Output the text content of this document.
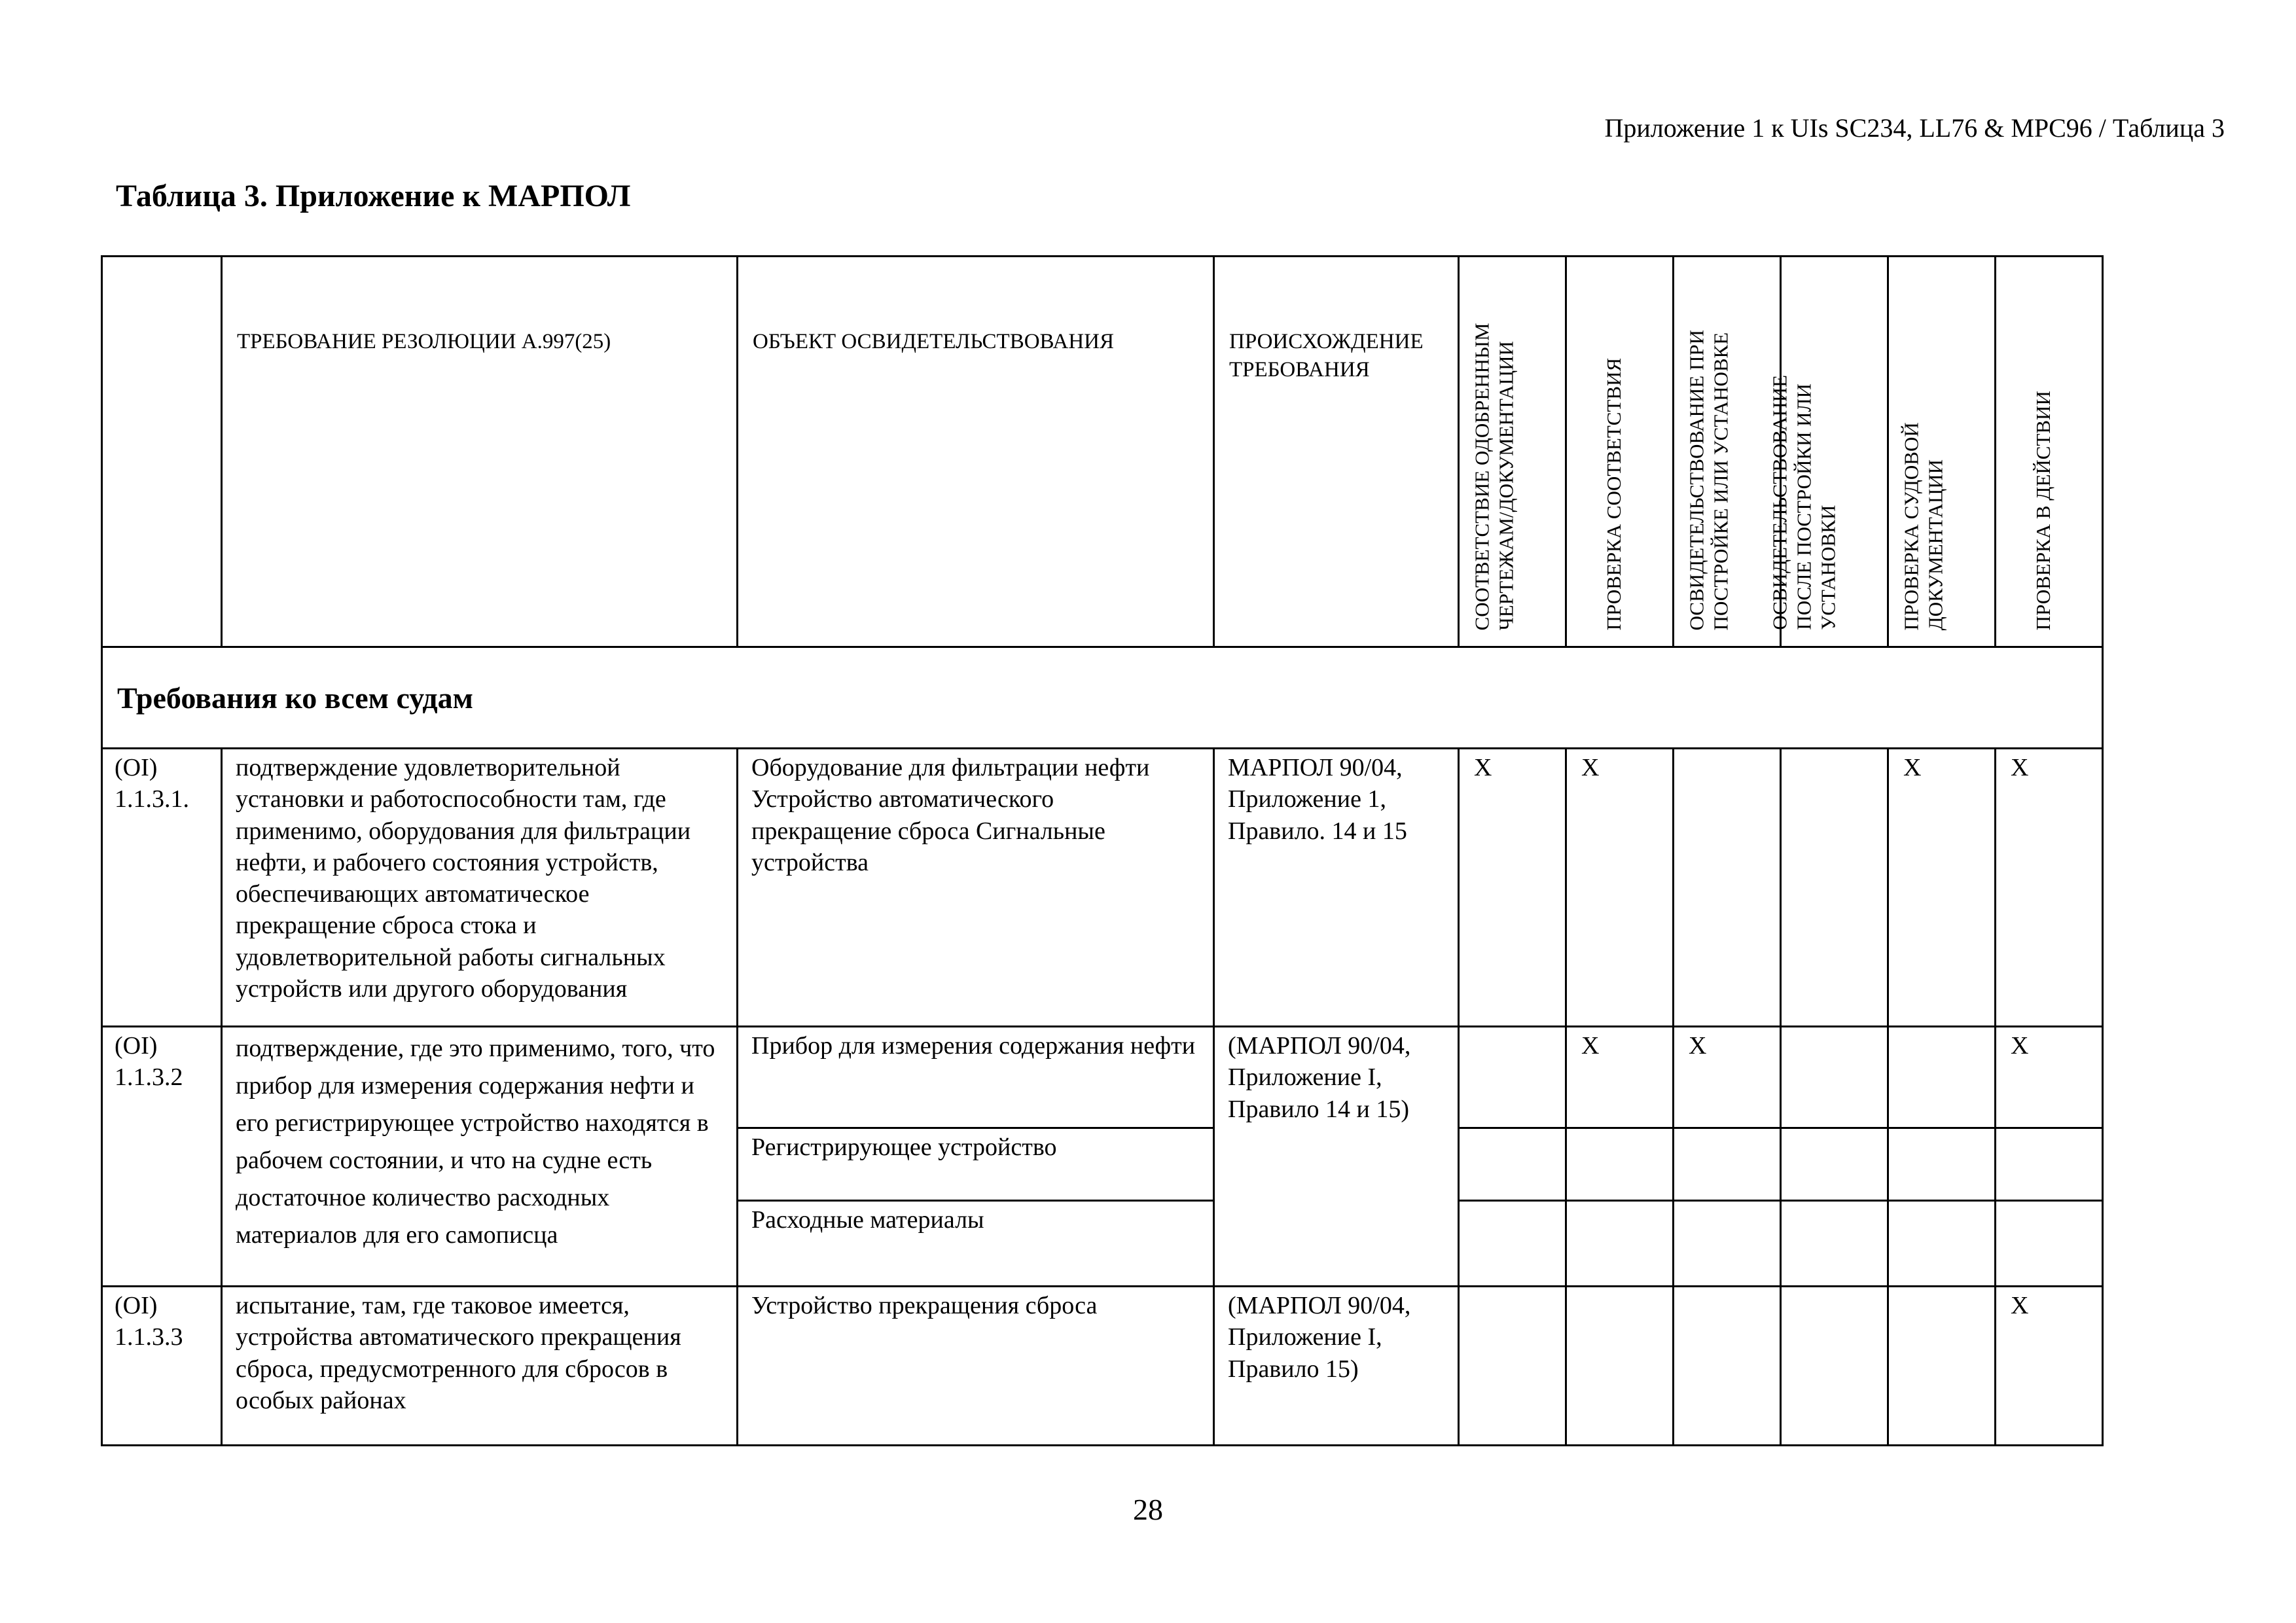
Приложение 1 к UIs SC234, LL76 & MPC96 / Таблица 3
Таблица 3. Приложение к МАРПОЛ

	ТРЕБОВАНИЕ РЕЗОЛЮЦИИ A.997(25)	ОБЪЕКТ ОСВИДЕТЕЛЬСТВОВАНИЯ	ПРОИСХОЖДЕНИЕ ТРЕБОВАНИЯ	СООТВЕТСТВИЕ ОДОБРЕННЫМ ЧЕРТЕЖАМ/ДОКУМЕНТАЦИИ	ПРОВЕРКА СООТВЕТСТВИЯ	ОСВИДЕТЕЛЬСТВОВАНИЕ ПРИ ПОСТРОЙКЕ ИЛИ УСТАНОВКЕ	ОСВИДЕТЕЛЬСТВОВАНИЕ ПОСЛЕ ПОСТРОЙКИ ИЛИ УСТАНОВКИ	ПРОВЕРКА СУДОВОЙ ДОКУМЕНТАЦИИ	ПРОВЕРКА В ДЕЙСТВИИ

Требования ко всем судам									

(OI) 1.1.3.1.	подтверждение удовлетворительной установки и работоспособности там, где применимо, оборудования для фильтрации нефти, и рабочего состояния устройств, обеспечивающих автоматическое прекращение сброса стока и удовлетворительной работы сигнальных устройств или другого оборудования	Оборудование для фильтрации нефти Устройство автоматического прекращение сброса Сигнальные устройства	МАРПОЛ 90/04, Приложение 1, Правило. 14 и 15	X	X			X	X

(OI) 1.1.3.2	подтверждение, где это применимо, того, что прибор для измерения содержания нефти и его регистрирующее устройство находятся в рабочем состоянии, и что на судне есть достаточное количество расходных материалов для его самописца	Прибор для измерения содержания нефти	(МАРПОЛ 90/04, Приложение I, Правило 14 и 15)		X	X			X

		Регистрирующее устройство							

		Расходные материалы							

(OI) 1.1.3.3	испытание, там, где таковое имеется, устройства автоматического прекращения сброса, предусмотренного для сбросов в особых районах	Устройство прекращения сброса	(МАРПОЛ 90/04, Приложение I, Правило 15)						X
28
